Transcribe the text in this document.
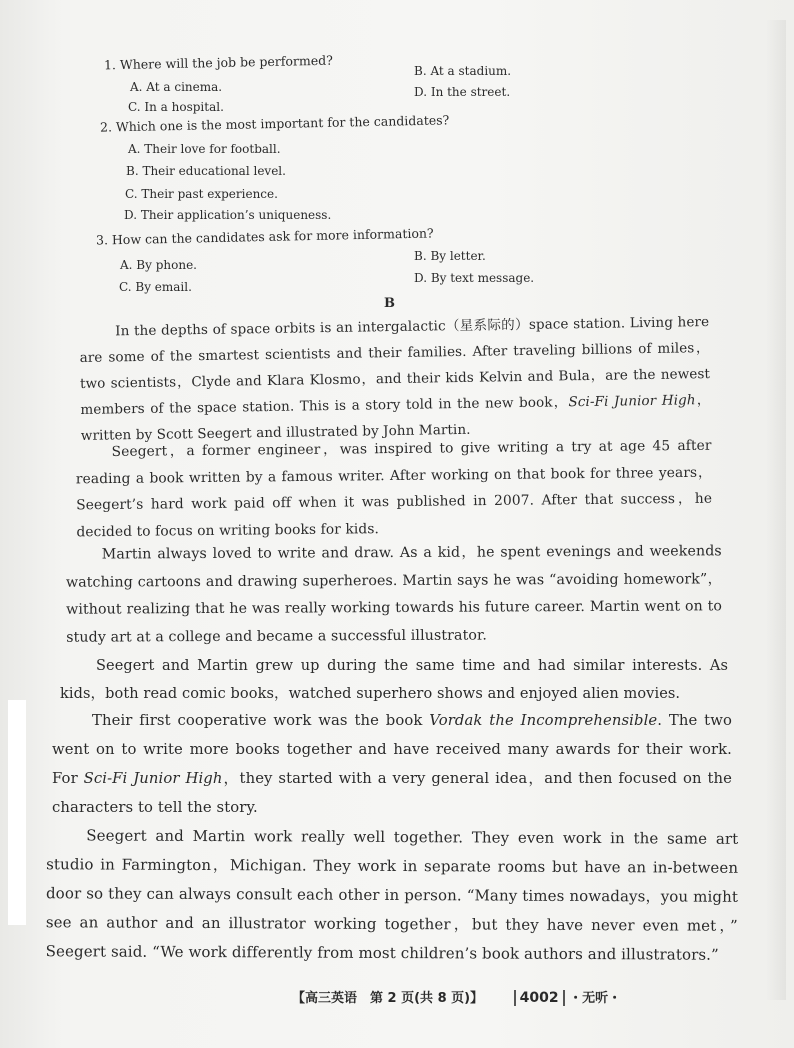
1. Where will the job be performed?
A. At a cinema.
B. At a stadium.
C. In a hospital.
D. In the street.
2. Which one is the most important for the candidates?
A. Their love for football.
B. Their educational level.
C. Their past experience.
D. Their application’s uniqueness.
3. How can the candidates ask for more information?
A. By phone.
B. By letter.
C. By email.
D. By text message.
B
In the depths of space orbits is an intergalactic（星系际的）space station. Living here are some of the smartest scientists and their families. After traveling billions of miles，two scientists，Clyde and Klara Klosmo，and their kids Kelvin and Bula，are the newest members of the space station. This is a story told in the new book，Sci-Fi Junior High，written by Scott Seegert and illustrated by John Martin.
Seegert，a former engineer，was inspired to give writing a try at age 45 after reading a book written by a famous writer. After working on that book for three years，Seegert’s hard work paid off when it was published in 2007. After that success，he decided to focus on writing books for kids.
Martin always loved to write and draw. As a kid，he spent evenings and weekends watching cartoons and drawing superheroes. Martin says he was “avoiding homework”，without realizing that he was really working towards his future career. Martin went on to study art at a college and became a successful illustrator.
Seegert and Martin grew up during the same time and had similar interests. As kids，both read comic books，watched superhero shows and enjoyed alien movies.
Their first cooperative work was the book Vordak the Incomprehensible. The two went on to write more books together and have received many awards for their work. For Sci-Fi Junior High，they started with a very general idea，and then focused on the characters to tell the story.
Seegert and Martin work really well together. They even work in the same art studio in Farmington，Michigan. They work in separate rooms but have an in-between door so they can always consult each other in person. “Many times nowadays，you might see an author and an illustrator working together，but they have never even met，” Seegert said. “We work differently from most children’s book authors and illustrators.”
【高三英语　第 2 页(共 8 页)】	4002 ・无听・
